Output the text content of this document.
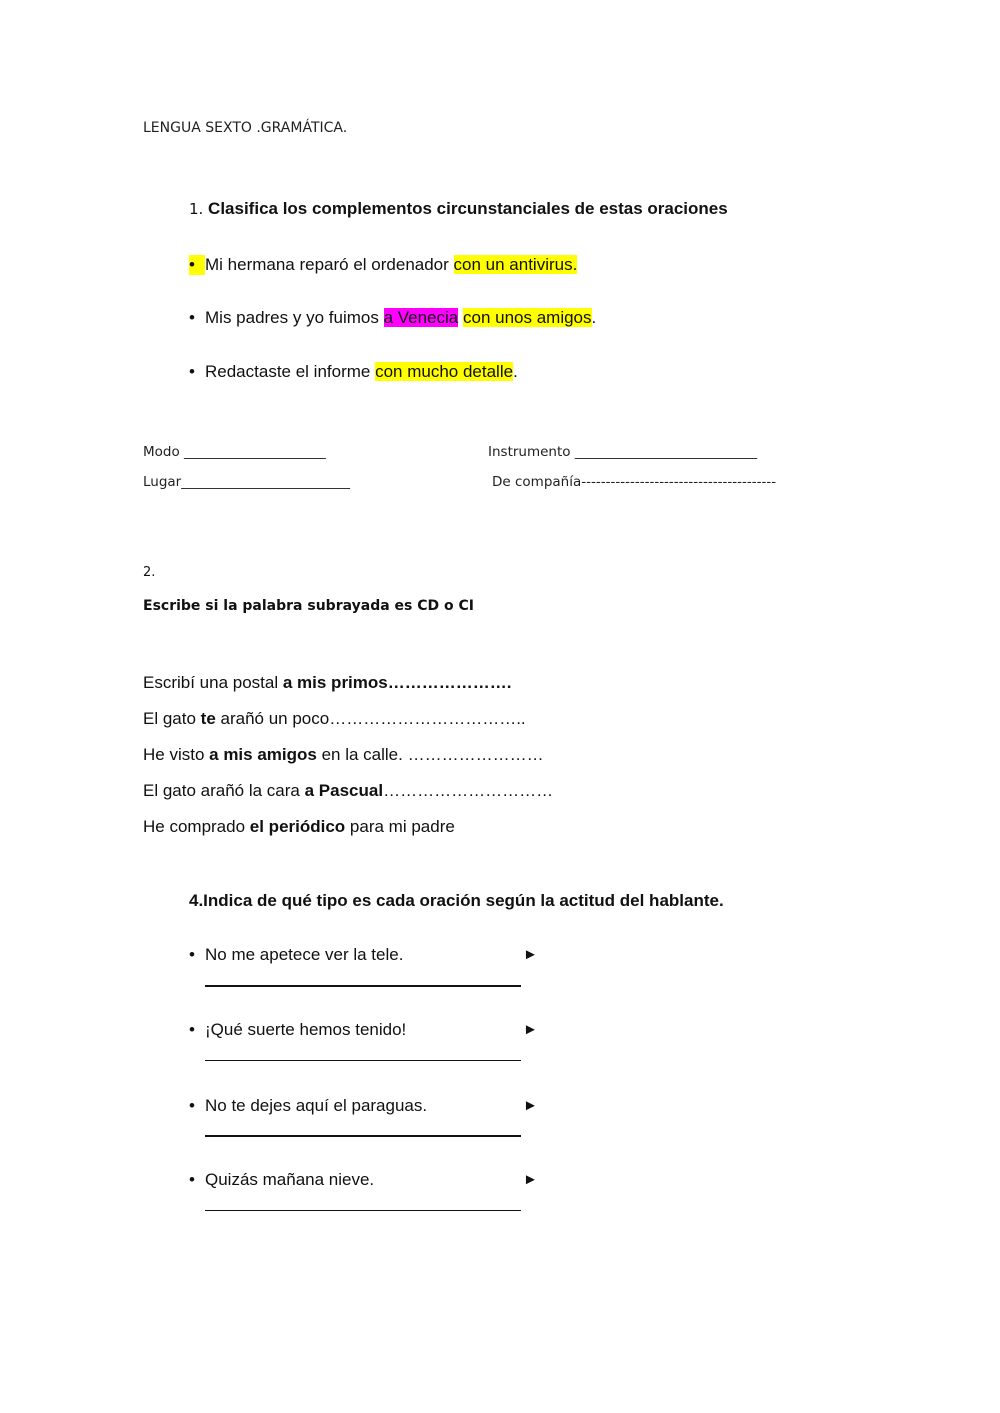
LENGUA SEXTO .GRAMÁTICA.
1. Clasifica los complementos circunstanciales de estas oraciones
• Mi hermana reparó el ordenador con un antivirus.
• Mis padres y yo fuimos a Venecia con unos amigos.
• Redactaste el informe con mucho detalle.
Modo _____________________	Instrumento ___________________________
Lugar_________________________	De compañía----------------------------------------
2.
Escribe si la palabra subrayada es CD o CI
Escribí una postal a mis primos………………….
El gato te arañó un poco……………………………..
He visto a mis amigos en la calle. ……………………
El gato arañó la cara a Pascual…………………………
He comprado el periódico para mi padre
4.Indica de qué tipo es cada oración según la actitud del hablante.
• No me apetece ver la tele.	►
• ¡Qué suerte hemos tenido!	►
• No te dejes aquí el paraguas.	►
• Quizás mañana nieve.	►
